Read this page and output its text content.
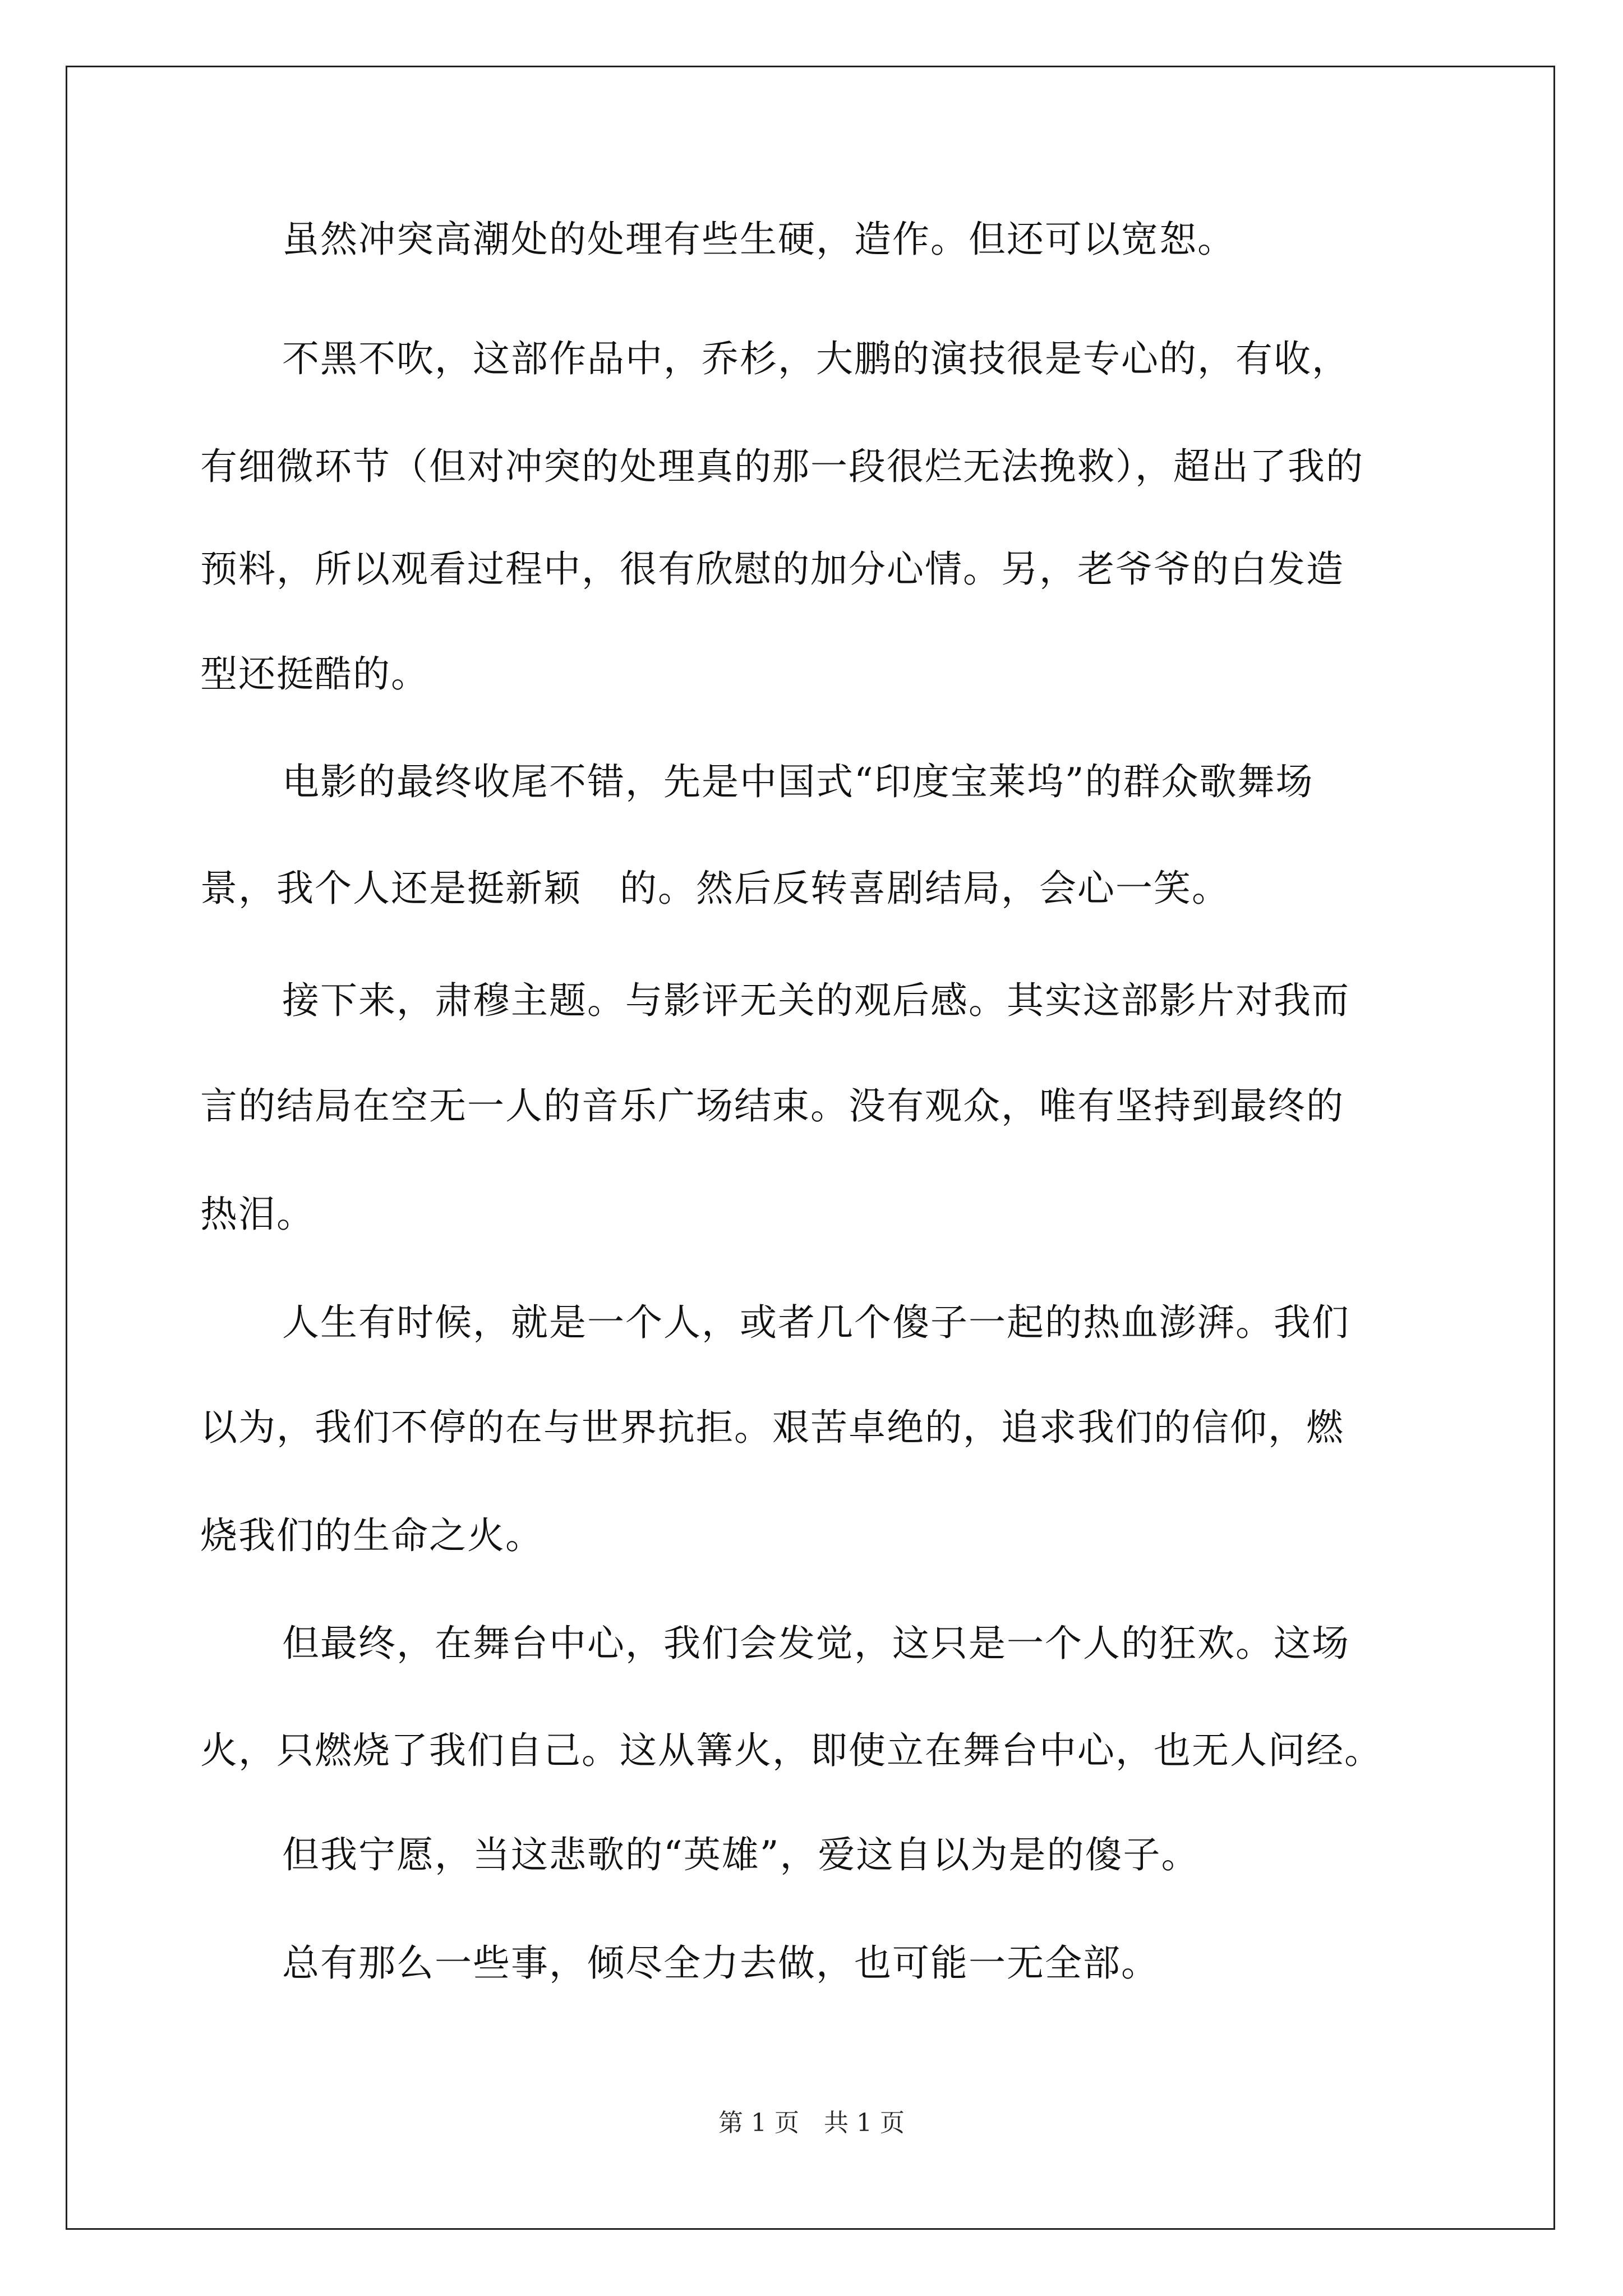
虽然冲突高潮处的处理有些生硬，造作。但还可以宽恕。
不黑不吹，这部作品中，乔杉，大鹏的演技很是专心的，有收，
有细微环节（但对冲突的处理真的那一段很烂无法挽救），超出了我的
预料，所以观看过程中，很有欣慰的加分心情。另，老爷爷的白发造
型还挺酷的。
电影的最终收尾不错，先是中国式“印度宝莱坞”的群众歌舞场
景，我个人还是挺新颖　的。然后反转喜剧结局，会心一笑。
接下来，肃穆主题。与影评无关的观后感。其实这部影片对我而
言的结局在空无一人的音乐广场结束。没有观众，唯有坚持到最终的
热泪。
人生有时候，就是一个人，或者几个傻子一起的热血澎湃。我们
以为，我们不停的在与世界抗拒。艰苦卓绝的，追求我们的信仰，燃
烧我们的生命之火。
但最终，在舞台中心，我们会发觉，这只是一个人的狂欢。这场
火，只燃烧了我们自己。这从篝火，即使立在舞台中心，也无人问经。
但我宁愿，当这悲歌的“英雄”，爱这自以为是的傻子。
总有那么一些事，倾尽全力去做，也可能一无全部。
第 1 页　共 1 页
